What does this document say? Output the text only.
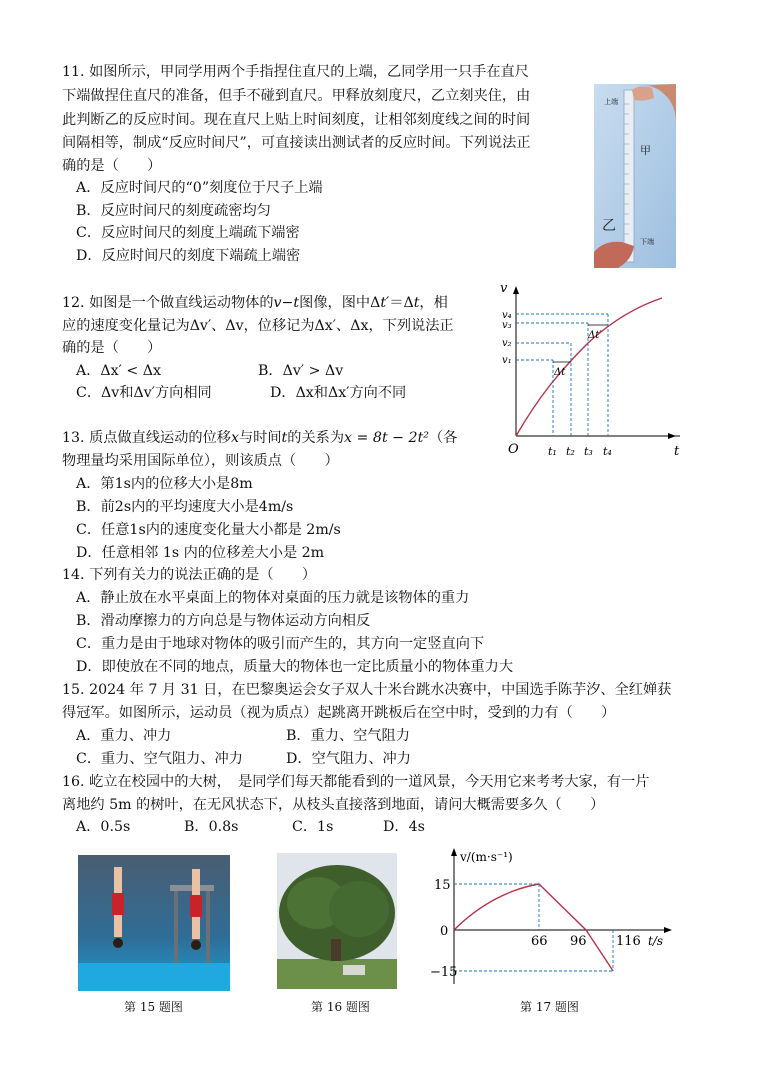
11. 如图所示，甲同学用两个手指捏住直尺的上端，乙同学用一只手在直尺
下端做捏住直尺的准备，但手不碰到直尺。甲释放刻度尺，乙立刻夹住，由
此判断乙的反应时间。现在直尺上贴上时间刻度，让相邻刻度线之间的时间
间隔相等，制成“反应时间尺”，可直接读出测试者的反应时间。下列说法正
确的是（　　）
A．反应时间尺的“0”刻度位于尺子上端
B．反应时间尺的刻度疏密均匀
C．反应时间尺的刻度上端疏下端密
D．反应时间尺的刻度下端疏上端密
上端
甲
乙
下端
12. 如图是一个做直线运动物体的v−t图像，图中Δt′＝Δt，相
应的速度变化量记为Δv′、Δv，位移记为Δx′、Δx，下列说法正
确的是（　　）
A．Δx′ < Δx	B．Δv′ > Δv
C．Δv和Δv′方向相同	D．Δx和Δx′方向不同
v
t
O
v₄
v₃
v₂
v₁
t₁ t₂ t₃ t₄
Δt
Δt′
13. 质点做直线运动的位移x与时间t的关系为x = 8t − 2t²（各
物理量均采用国际单位），则该质点（　　）
A．第1s内的位移大小是8m
B．前2s内的平均速度大小是4m/s
C．任意1s内的速度变化量大小都是 2m/s
D．任意相邻 1s 内的位移差大小是 2m
14. 下列有关力的说法正确的是（　　）
A．静止放在水平桌面上的物体对桌面的压力就是该物体的重力
B．滑动摩擦力的方向总是与物体运动方向相反
C．重力是由于地球对物体的吸引而产生的，其方向一定竖直向下
D．即使放在不同的地点，质量大的物体也一定比质量小的物体重力大
15. 2024 年 7 月 31 日，在巴黎奥运会女子双人十米台跳水决赛中，中国选手陈芋汐、全红婵获
得冠军。如图所示，运动员（视为质点）起跳离开跳板后在空中时，受到的力有（　　）
A．重力、冲力	B．重力、空气阻力
C．重力、空气阻力、冲力	D．空气阻力、冲力
16. 屹立在校园中的大树，　是同学们每天都能看到的一道风景，今天用它来考考大家，有一片
离地约 5m 的树叶，在无风状态下，从枝头直接落到地面，请问大概需要多久（　　）
A．0.5s	B．0.8s	C．1s	D．4s
v/(m·s⁻¹)
t/s
15
0
−15
66 96 116
第 15 题图	第 16 题图	第 17 题图
